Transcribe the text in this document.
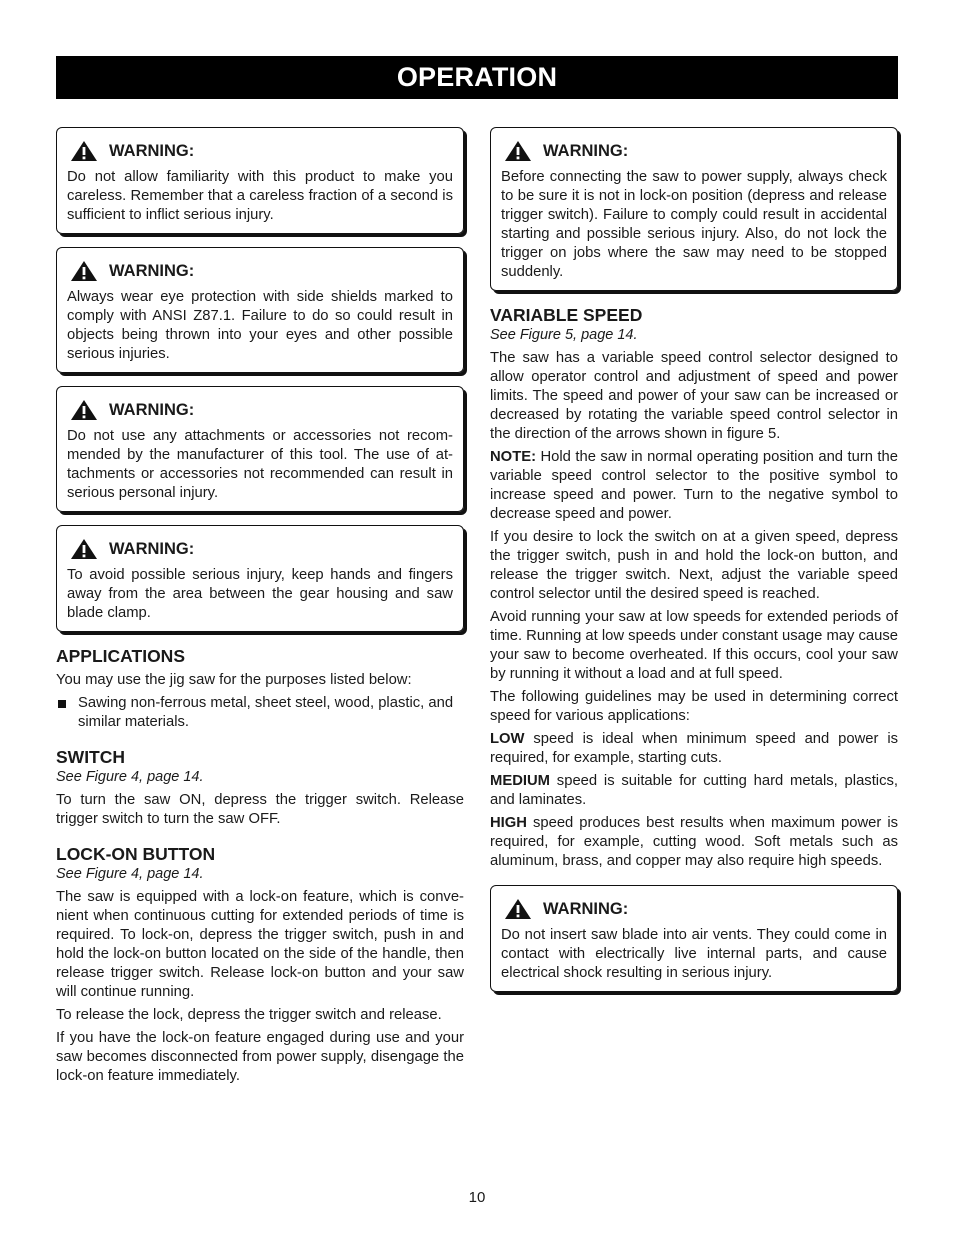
OPERATION
WARNING:
Do not allow familiarity with this product to make you careless. Remember that a careless fraction of a second is sufficient to inflict serious injury.
WARNING:
Always wear eye protection with side shields marked to comply with ANSI Z87.1. Failure to do so could result in objects being thrown into your eyes and other possible serious injuries.
WARNING:
Do not use any attachments or accessories not recom-mended by the manufacturer of this tool. The use of at-tachments or accessories not recommended can result in serious personal injury.
WARNING:
To avoid possible serious injury, keep hands and fingers away from the area between the gear housing and saw blade clamp.
APPLICATIONS

You may use the jig saw for the purposes listed below:

Sawing non-ferrous metal, sheet steel, wood, plastic, and similar materials.
SWITCH
See Figure 4, page 14.

To turn the saw ON, depress the trigger switch. Release trigger switch to turn the saw OFF.

LOCK-ON BUTTON
See Figure 4, page 14.

The saw is equipped with a lock-on feature, which is conve-nient when continuous cutting for extended periods of time is required. To lock-on, depress the trigger switch, push in and hold the lock-on button located on the side of the handle, then release trigger switch. Release lock-on button and your saw will continue running.

To release the lock, depress the trigger switch and release.

If you have the lock-on feature engaged during use and your saw becomes disconnected from power supply, disengage the lock-on feature immediately.

WARNING:
Before connecting the saw to power supply, always check to be sure it is not in lock-on position (depress and release trigger switch). Failure to comply could result in accidental starting and possible serious injury. Also, do not lock the trigger on jobs where the saw may need to be stopped suddenly.
VARIABLE SPEED
See Figure 5, page 14.

The saw has a variable speed control selector designed to allow operator control and adjustment of speed and power limits. The speed and power of your saw can be increased or decreased by rotating the variable speed control selector in the direction of the arrows shown in figure 5.

NOTE: Hold the saw in normal operating position and turn the variable speed control selector to the positive symbol to increase speed and power. Turn to the negative symbol to decrease speed and power.

If you desire to lock the switch on at a given speed, depress the trigger switch, push in and hold the lock-on button, and release the trigger switch. Next, adjust the variable speed control selector until the desired speed is reached.

Avoid running your saw at low speeds for extended periods of time. Running at low speeds under constant usage may cause your saw to become overheated. If this occurs, cool your saw by running it without a load and at full speed.

The following guidelines may be used in determining correct speed for various applications:

LOW speed is ideal when minimum speed and power is required, for example, starting cuts.

MEDIUM speed is suitable for cutting hard metals, plastics, and laminates.

HIGH speed produces best results when maximum power is required, for example, cutting wood. Soft metals such as aluminum, brass, and copper may also require high speeds.

WARNING:
Do not insert saw blade into air vents. They could come in contact with electrically live internal parts, and cause electrical shock resulting in serious injury.
10
